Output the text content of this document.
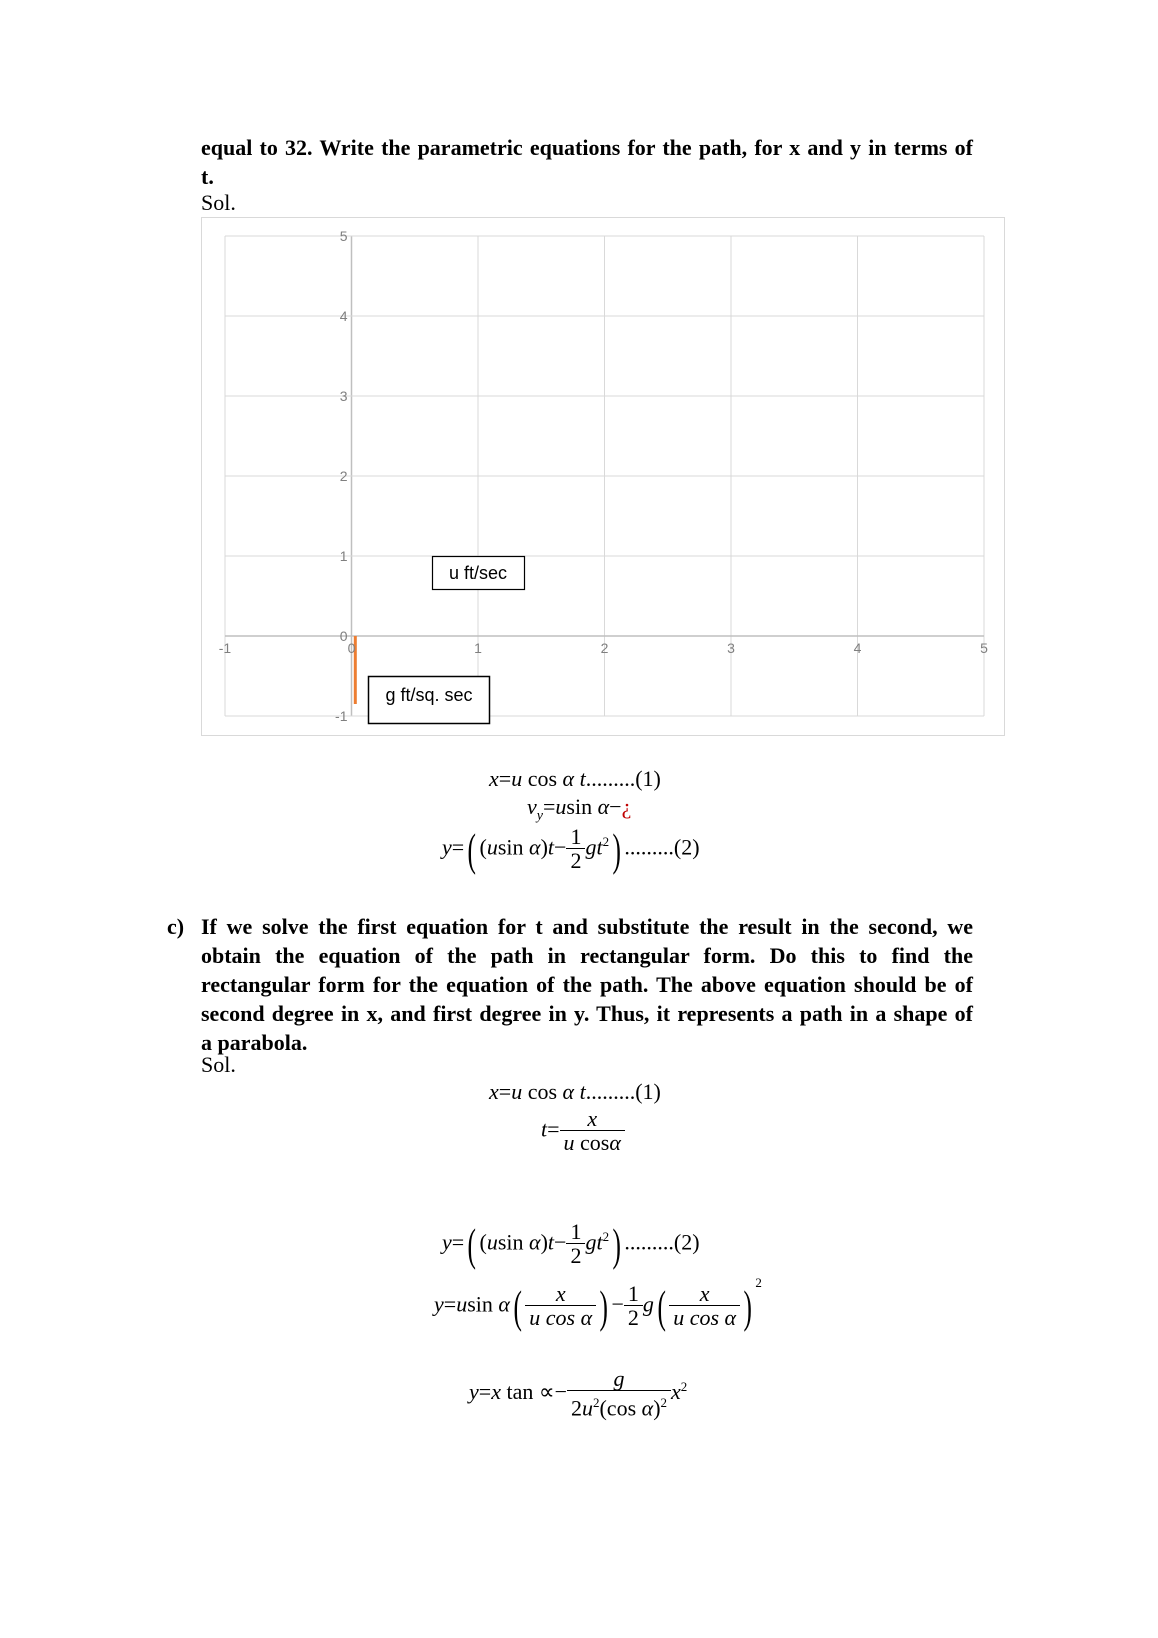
equal to 32. Write the parametric equations for the path, for x and y in terms of
t.
Sol.
-1	0	1	2	3	4	5
5
4
3
2
1
0
-1
u ft/sec
g ft/sq. sec
x=u cos α t.........(1)
$v_y=usin$ α−¿
y=( (usin $\alpha)t- \frac{1}{2} gt^2$) .........(2)
c) If we solve the first equation for t and substitute the result in the second, we
obtain the equation of the path in rectangular form. Do this to find the
rectangular form for the equation of the path. The above equation should be of
second degree in x, and first degree in y. Thus, it represents a path in a shape of
a parabola.
Sol.
x=u cos α t.........(1)
$t= \frac{x}{\text{u cosα}}$
y=( (usin $\alpha)t- \frac{1}{2} gt^2$) .........(2)
y=usin $\alpha( \frac{x}{\text{u cos α}}$ ) − $\frac{1}{2} g( \frac{x}{\text{u cos α}}$ ) $^2$
y=x $\tan \propto- \frac{g}{2u^2(\cos \alpha)^2} x^2$
